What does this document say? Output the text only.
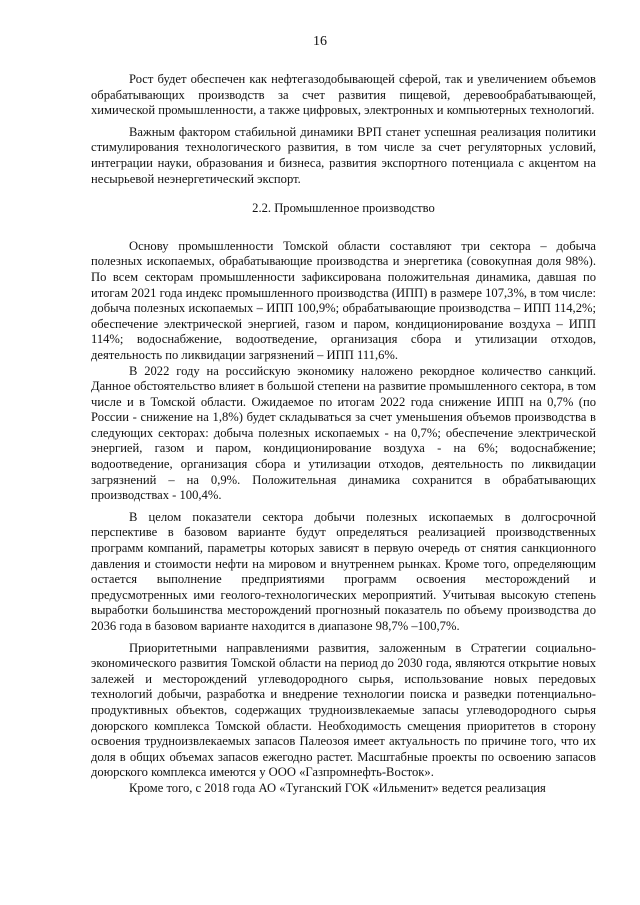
16

Рост будет обеспечен как нефтегазодобывающей сферой, так и увеличением объемов обрабатывающих производств за счет развития пищевой, деревообрабатывающей, химической промышленности, а также цифровых, электронных и компьютерных технологий.

Важным фактором стабильной динамики ВРП станет успешная реализация политики стимулирования технологического развития, в том числе за счет регуляторных условий, интеграции науки, образования и бизнеса, развития экспортного потенциала с акцентом на несырьевой неэнергетический экспорт.

2.2. Промышленное производство

Основу промышленности Томской области составляют три сектора – добыча полезных ископаемых, обрабатывающие производства и энергетика (совокупная доля 98%). По всем секторам промышленности зафиксирована положительная динамика, давшая по итогам 2021 года индекс промышленного производства (ИПП) в размере 107,3%, в том числе: добыча полезных ископаемых – ИПП 100,9%; обрабатывающие производства – ИПП 114,2%; обеспечение электрической энергией, газом и паром, кондиционирование воздуха – ИПП 114%; водоснабжение, водоотведение, организация сбора и утилизации отходов, деятельность по ликвидации загрязнений – ИПП 111,6%.

В 2022 году на российскую экономику наложено рекордное количество санкций. Данное обстоятельство влияет в большой степени на развитие промышленного сектора, в том числе и в Томской области. Ожидаемое по итогам 2022 года снижение ИПП на 0,7% (по России - снижение на 1,8%) будет складываться за счет уменьшения объемов производства в следующих секторах: добыча полезных ископаемых - на 0,7%; обеспечение электрической энергией, газом и паром, кондиционирование воздуха - на 6%; водоснабжение; водоотведение, организация сбора и утилизации отходов, деятельность по ликвидации загрязнений – на 0,9%. Положительная динамика сохранится в обрабатывающих производствах - 100,4%.

В целом показатели сектора добычи полезных ископаемых в долгосрочной перспективе в базовом варианте будут определяться реализацией производственных программ компаний, параметры которых зависят в первую очередь от снятия санкционного давления и стоимости нефти на мировом и внутреннем рынках. Кроме того, определяющим остается выполнение предприятиями программ освоения месторождений и предусмотренных ими геолого-технологических мероприятий. Учитывая высокую степень выработки большинства месторождений прогнозный показатель по объему производства до 2036 года в базовом варианте находится в диапазоне 98,7% –100,7%.

Приоритетными направлениями развития, заложенным в Стратегии социально-экономического развития Томской области на период до 2030 года, являются открытие новых залежей и месторождений углеводородного сырья, использование новых передовых технологий добычи, разработка и внедрение технологии поиска и разведки потенциально-продуктивных объектов, содержащих трудноизвлекаемые запасы углеводородного сырья доюрского комплекса Томской области. Необходимость смещения приоритетов в сторону освоения трудноизвлекаемых запасов Палеозоя имеет актуальность по причине того, что их доля в общих объемах запасов ежегодно растет. Масштабные проекты по освоению запасов доюрского комплекса имеются у ООО «Газпромнефть-Восток».

Кроме того, с 2018 года АО «Туганский ГОК «Ильменит» ведется реализация
